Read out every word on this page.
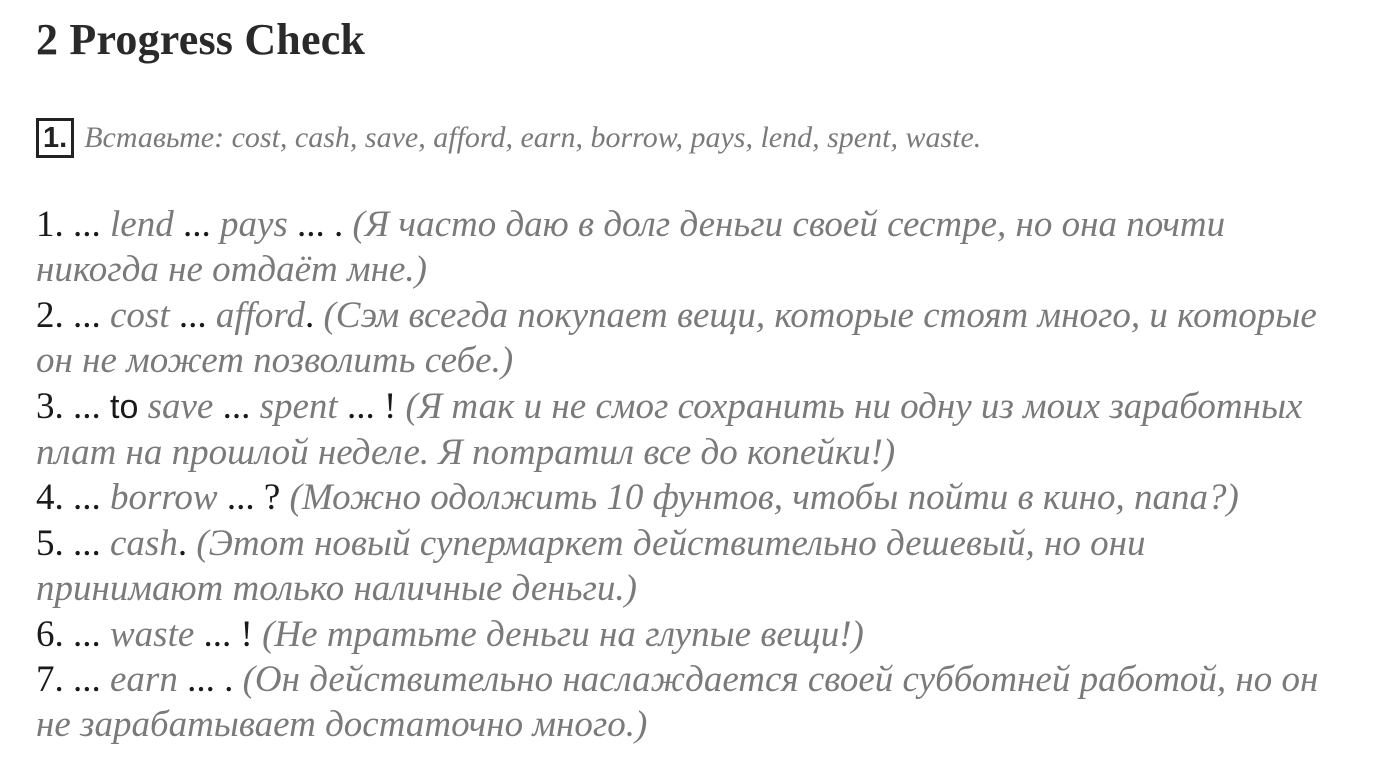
2 Progress Check
1. Вставьте: cost, cash, save, afford, earn, borrow, pays, lend, spent, waste.

1. ... lend ... pays ... . (Я часто даю в долг деньги своей сестре, но она почти никогда не отдаёт мне.)

2. ... cost ... afford. (Сэм всегда покупает вещи, которые стоят много, и которые он не может позволить себе.)

3. ... to save ... spent ... ! (Я так и не смог сохранить ни одну из моих заработных плат на прошлой неделе. Я потратил все до копейки!)

4. ... borrow ... ? (Можно одолжить 10 фунтов, чтобы пойти в кино, папа?)

5. ... cash. (Этот новый супермаркет действительно дешевый, но они принимают только наличные деньги.)

6. ... waste ... ! (Не тратьте деньги на глупые вещи!)

7. ... earn ... . (Он действительно наслаждается своей субботней работой, но он не зарабатывает достаточно много.)
